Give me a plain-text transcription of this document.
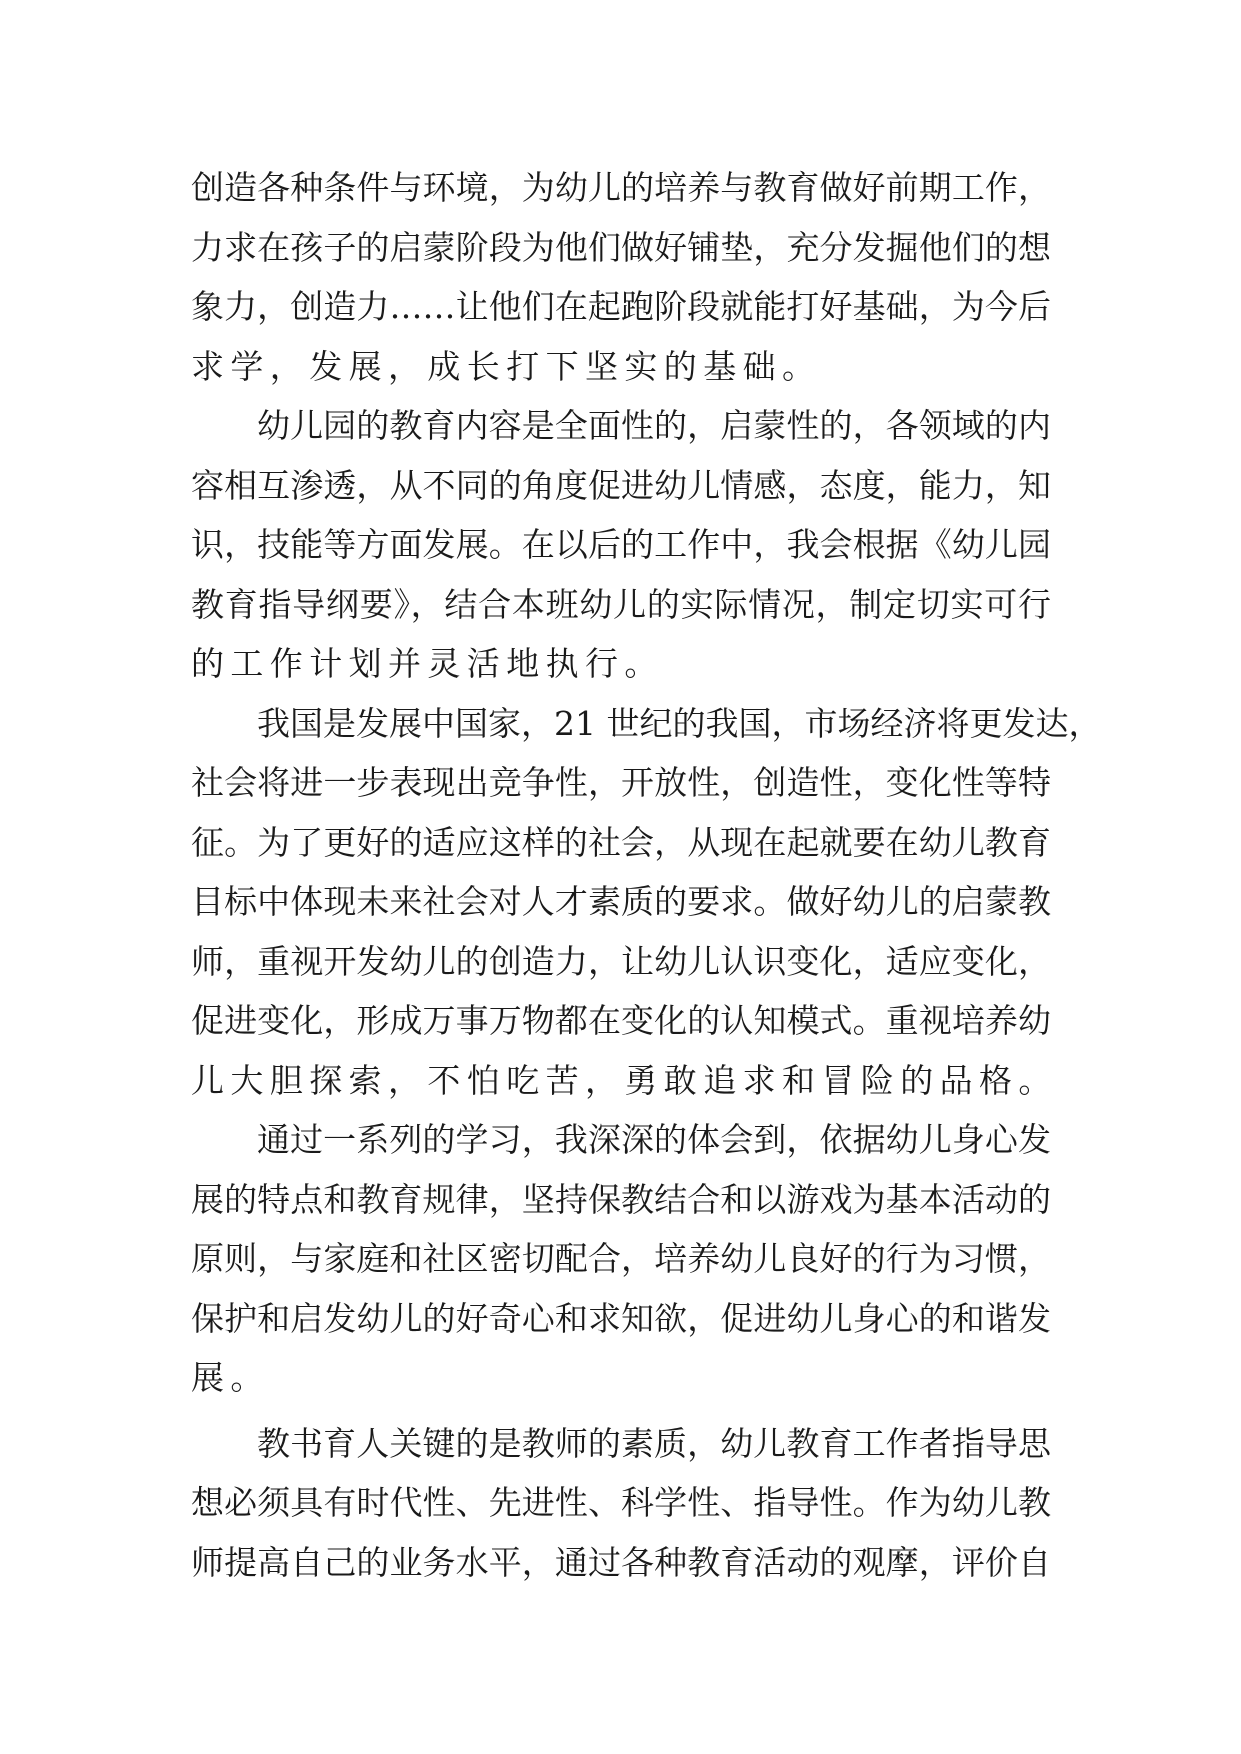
创造各种条件与环境，为幼儿的培养与教育做好前期工作，
力求在孩子的启蒙阶段为他们做好铺垫，充分发掘他们的想
象力，创造力……让他们在起跑阶段就能打好基础，为今后
求学，发展，成长打下坚实的基础。
幼儿园的教育内容是全面性的，启蒙性的，各领域的内
容相互渗透，从不同的角度促进幼儿情感，态度，能力，知
识，技能等方面发展。在以后的工作中，我会根据《幼儿园
教育指导纲要》，结合本班幼儿的实际情况，制定切实可行
的工作计划并灵活地执行。
我国是发展中国家，21 世纪的我国，市场经济将更发达，
社会将进一步表现出竞争性，开放性，创造性，变化性等特
征。为了更好的适应这样的社会，从现在起就要在幼儿教育
目标中体现未来社会对人才素质的要求。做好幼儿的启蒙教
师，重视开发幼儿的创造力，让幼儿认识变化，适应变化，
促进变化，形成万事万物都在变化的认知模式。重视培养幼
儿大胆探索，不怕吃苦，勇敢追求和冒险的品格。
通过一系列的学习，我深深的体会到，依据幼儿身心发
展的特点和教育规律，坚持保教结合和以游戏为基本活动的
原则，与家庭和社区密切配合，培养幼儿良好的行为习惯，
保护和启发幼儿的好奇心和求知欲，促进幼儿身心的和谐发
展。
教书育人关键的是教师的素质，幼儿教育工作者指导思
想必须具有时代性、先进性、科学性、指导性。作为幼儿教
师提高自己的业务水平，通过各种教育活动的观摩，评价自
